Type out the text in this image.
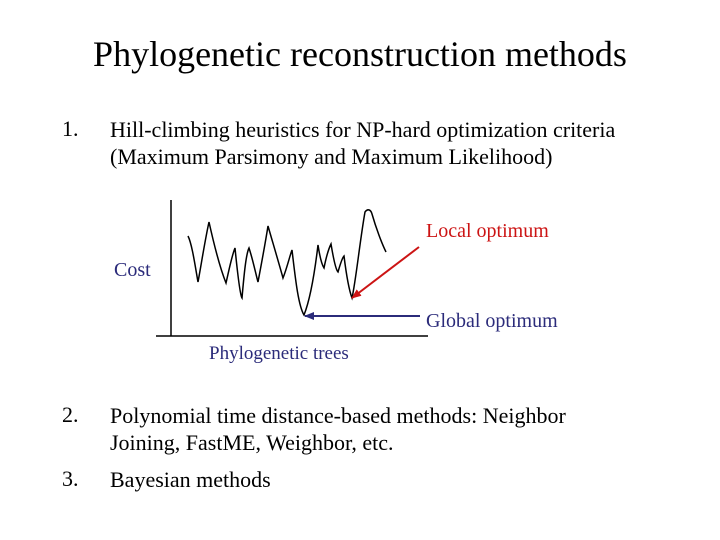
Phylogenetic reconstruction methods
1. Hill-climbing heuristics for NP-hard optimization criteria
(Maximum Parsimony and Maximum Likelihood)
Cost
Phylogenetic trees
Local optimum
Global optimum
2. Polynomial time distance-based methods: Neighbor
Joining, FastME, Weighbor, etc.
3. Bayesian methods
